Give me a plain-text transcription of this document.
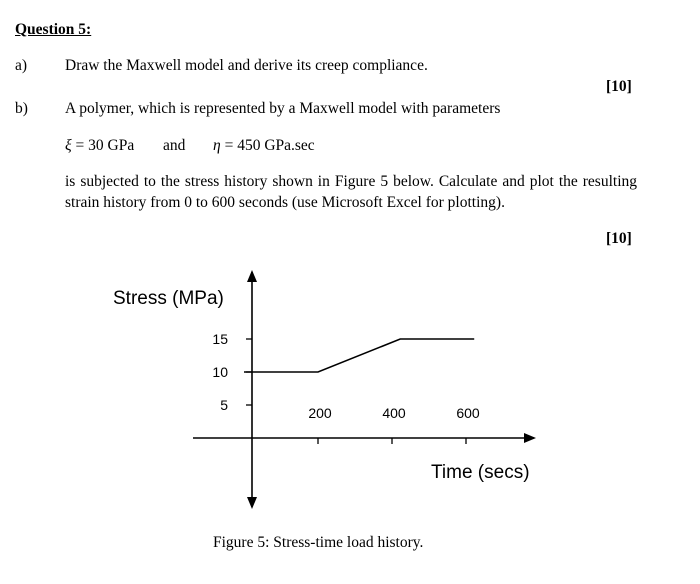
Question 5:
a) Draw the Maxwell model and derive its creep compliance.
[10]
b) A polymer, which is represented by a Maxwell model with parameters
ξ = 30 GPa and η = 450 GPa.sec
is subjected to the stress history shown in Figure 5 below. Calculate and plot the resulting strain history from 0 to 600 seconds (use Microsoft Excel for plotting).
[10]
Stress (MPa)
Time (secs)
5
10
15
200	400	600
Figure 5: Stress-time load history.
